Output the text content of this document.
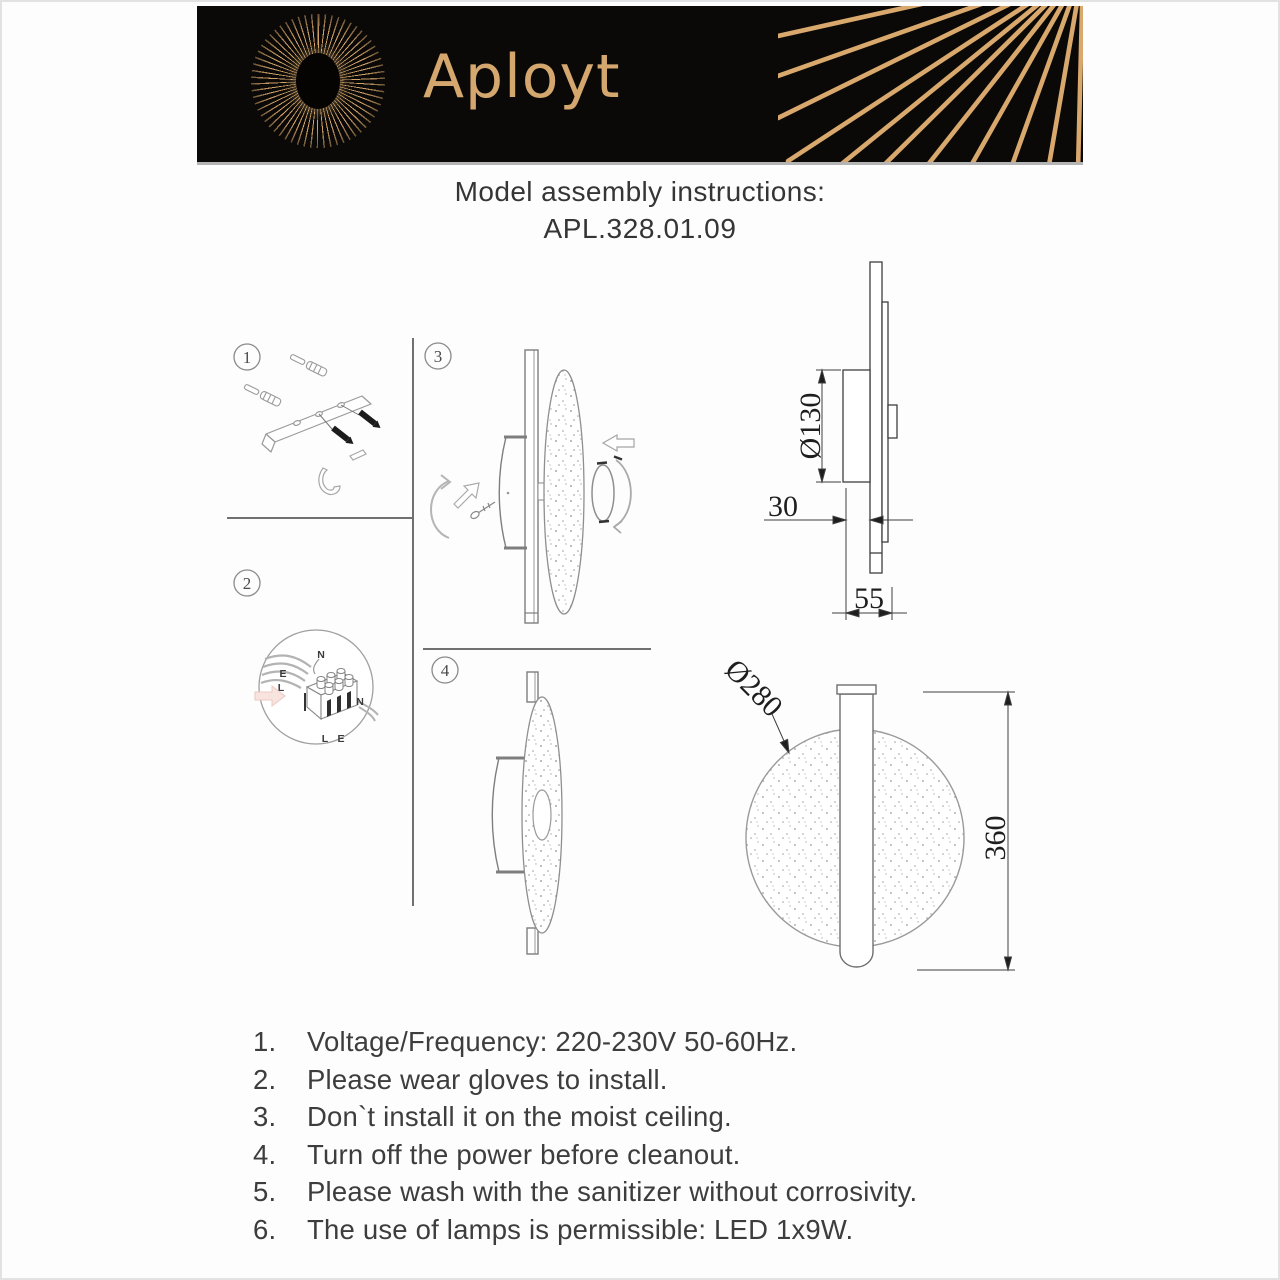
Aployt
Model assembly instructions:
APL.328.01.09
1
2
N
E
L
N
L E
3
4
Ø130
30
55
Ø280
360
1.	Voltage/Frequency: 220-230V 50-60Hz.
2.	Please wear gloves to install.
3.	Don`t install it on the moist ceiling.
4.	Turn off the power before cleanout.
5.	Please wash with the sanitizer without corrosivity.
6.	The use of lamps is permissible: LED 1x9W.
